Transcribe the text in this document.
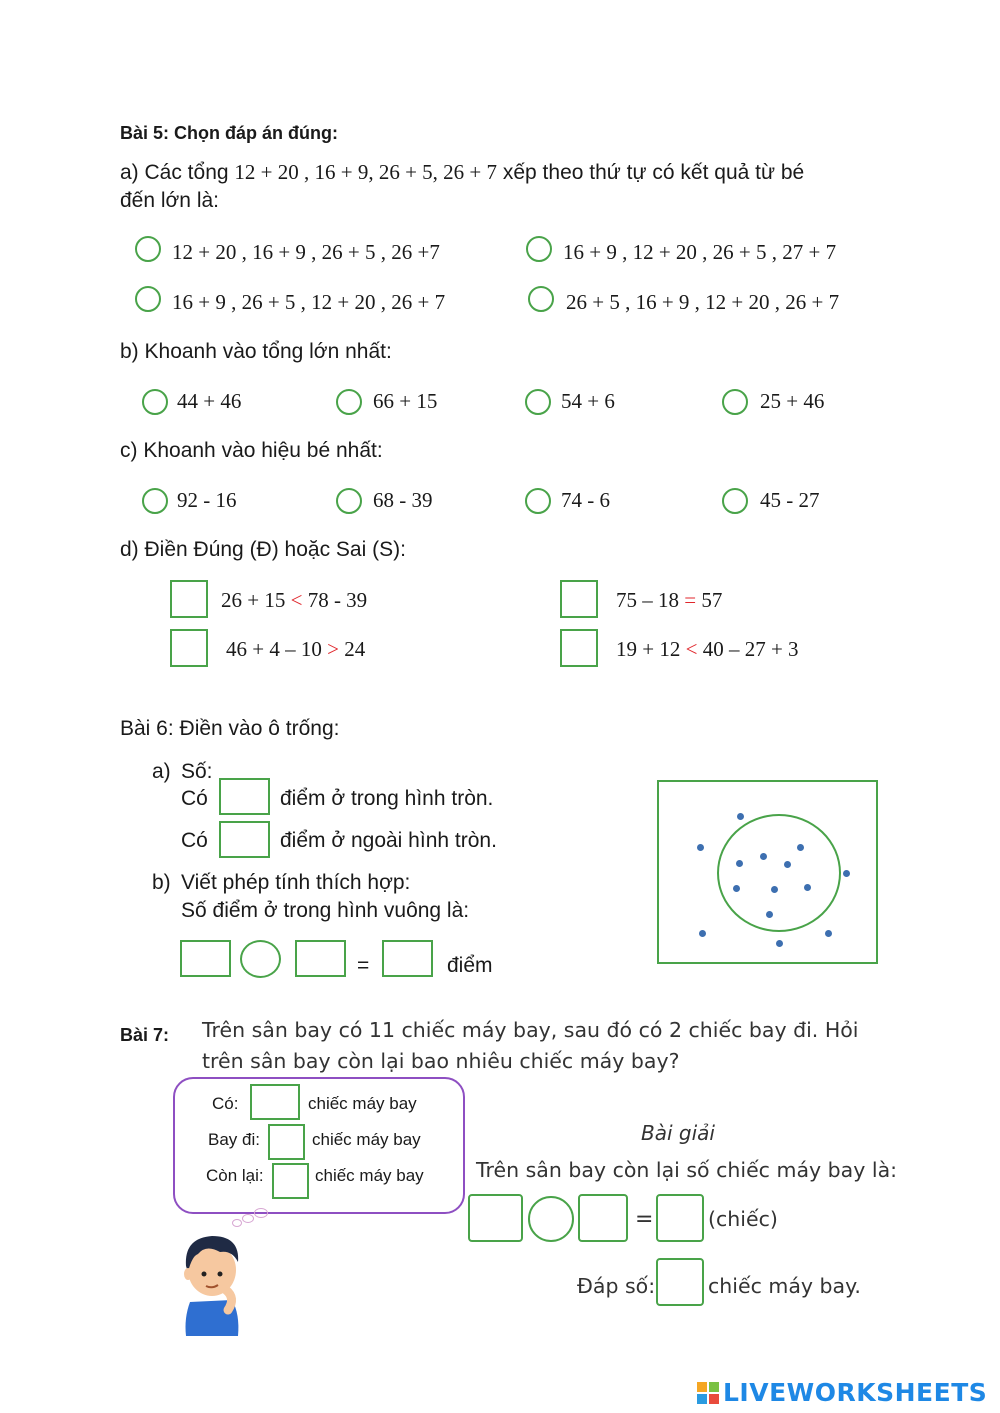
Bài 5: Chọn đáp án đúng:
a) Các tổng 12 + 20 , 16 + 9, 26 + 5, 26 + 7 xếp theo thứ tự có kết quả từ bé
đến lớn là:
12 + 20 , 16 + 9 , 26 + 5 , 26 +7	16 + 9 , 12 + 20 , 26 + 5 , 27 + 7
16 + 9 , 26 + 5 , 12 + 20 , 26 + 7	26 + 5 , 16 + 9 , 12 + 20 , 26 + 7
b) Khoanh vào tổng lớn nhất:
44 + 46	66 + 15	54 + 6	25 + 46
c) Khoanh vào hiệu bé nhất:
92 - 16	68 - 39	74 - 6	45 - 27
d) Điền Đúng (Đ) hoặc Sai (S):
26 + 15 < 78 - 39	75 – 18 = 57
46 + 4 – 10 > 24	19 + 12 < 40 – 27 + 3
Bài 6: Điền vào ô trống:
a) Số:
Có	điểm ở trong hình tròn.
Có	điểm ở ngoài hình tròn.
b) Viết phép tính thích hợp:
Số điểm ở trong hình vuông là:
=	điểm
Bài 7: Trên sân bay có 11 chiếc máy bay, sau đó có 2 chiếc bay đi. Hỏi
trên sân bay còn lại bao nhiêu chiếc máy bay?
Có:	chiếc máy bay
Bay đi:	chiếc máy bay
Còn lại:	chiếc máy bay
Bài giải
Trên sân bay còn lại số chiếc máy bay là:
=	(chiếc)
Đáp số:	chiếc máy bay.
LIVEWORKSHEETS
